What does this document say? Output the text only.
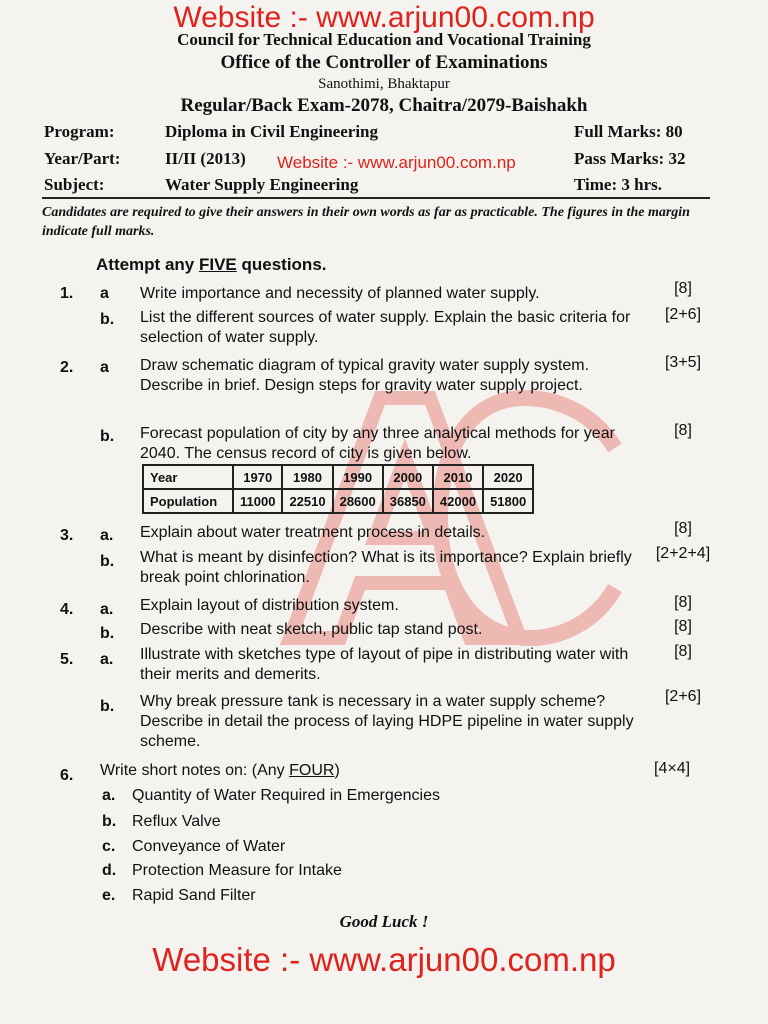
Website :- www.arjun00.com.np
Council for Technical Education and Vocational Training
Office of the Controller of Examinations
Sanothimi, Bhaktapur
Regular/Back Exam-2078, Chaitra/2079-Baishakh
Program:	Diploma in Civil Engineering	Full Marks: 80
Year/Part:	II/II (2013) Website :- www.arjun00.com.np	Pass Marks: 32
Subject:	Water Supply Engineering	Time: 3 hrs.
Candidates are required to give their answers in their own words as far as practicable. The figures in the margin indicate full marks.
Attempt any FIVE questions.
1. a Write importance and necessity of planned water supply.	[8]
b. List the different sources of water supply. Explain the basic criteria for selection of water supply.
[2+6]
2. a Draw schematic diagram of typical gravity water supply system. Describe in brief. Design steps for gravity water supply project.
[3+5]
b. Forecast population of city by any three analytical methods for year 2040. The census record of city is given below.
[8]
Year	1970	1980	1990	2000	2010	2020
Population	11000	22510	28600	36850	42000	51800
3. a. Explain about water treatment process in details.	[8]
b. What is meant by disinfection? What is its importance? Explain briefly break point chlorination.
[2+2+4]
4. a. Explain layout of distribution system.	[8]
b. Describe with neat sketch, public tap stand post.	[8]
5. a. Illustrate with sketches type of layout of pipe in distributing water with their merits and demerits.
[8]
b. Why break pressure tank is necessary in a water supply scheme? Describe in detail the process of laying HDPE pipeline in water supply scheme.
[2+6]
6. Write short notes on: (Any FOUR)	[4×4]
a. Quantity of Water Required in Emergencies
b. Reflux Valve
c. Conveyance of Water
d. Protection Measure for Intake
e. Rapid Sand Filter
Good Luck !
Website :- www.arjun00.com.np
